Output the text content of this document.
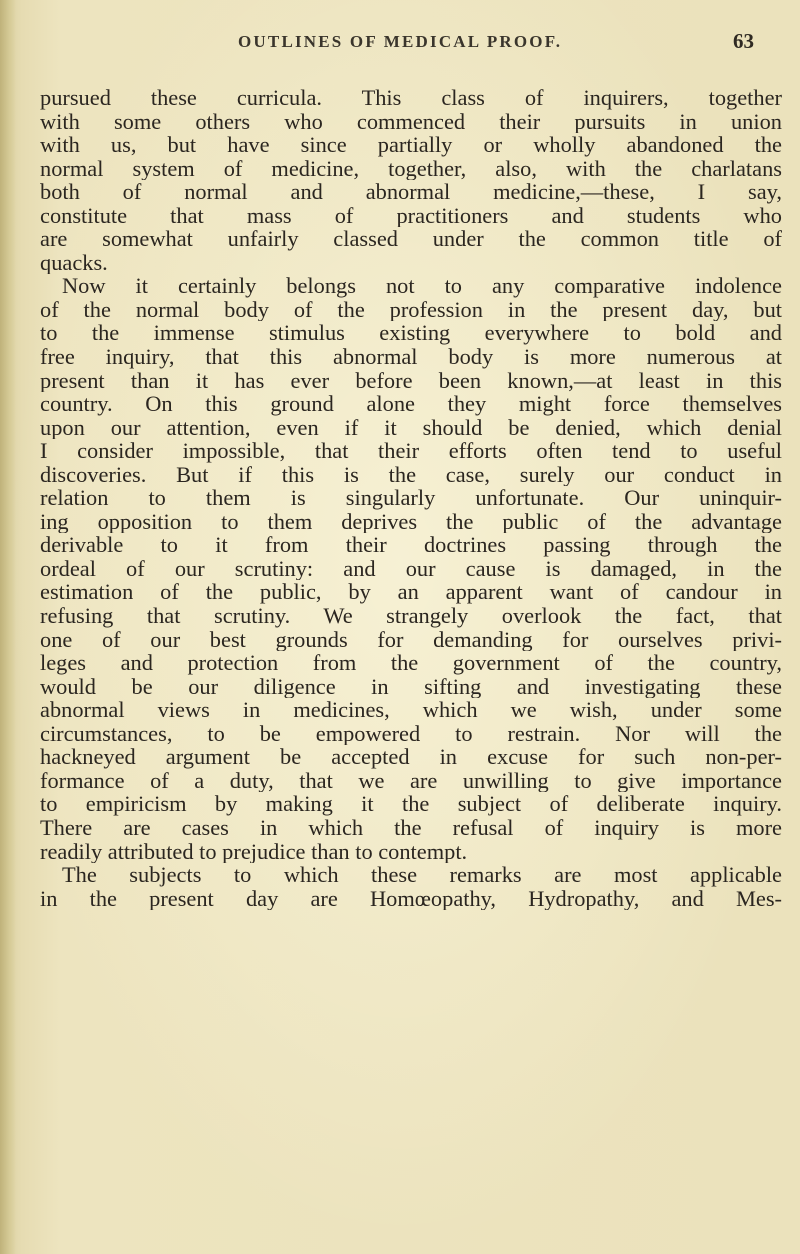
OUTLINES OF MEDICAL PROOF.	63
pursued these curricula. This class of inquirers, together
with some others who commenced their pursuits in union
with us, but have since partially or wholly abandoned the
normal system of medicine, together, also, with the charlatans
both of normal and abnormal medicine,—these, I say,
constitute that mass of practitioners and students who
are somewhat unfairly classed under the common title of
quacks.
Now it certainly belongs not to any comparative indolence
of the normal body of the profession in the present day, but
to the immense stimulus existing everywhere to bold and
free inquiry, that this abnormal body is more numerous at
present than it has ever before been known,—at least in this
country. On this ground alone they might force themselves
upon our attention, even if it should be denied, which denial
I consider impossible, that their efforts often tend to useful
discoveries. But if this is the case, surely our conduct in
relation to them is singularly unfortunate. Our uninquir-
ing opposition to them deprives the public of the advantage
derivable to it from their doctrines passing through the
ordeal of our scrutiny: and our cause is damaged, in the
estimation of the public, by an apparent want of candour in
refusing that scrutiny. We strangely overlook the fact, that
one of our best grounds for demanding for ourselves privi-
leges and protection from the government of the country,
would be our diligence in sifting and investigating these
abnormal views in medicines, which we wish, under some
circumstances, to be empowered to restrain. Nor will the
hackneyed argument be accepted in excuse for such non-per-
formance of a duty, that we are unwilling to give importance
to empiricism by making it the subject of deliberate inquiry.
There are cases in which the refusal of inquiry is more
readily attributed to prejudice than to contempt.
The subjects to which these remarks are most applicable
in the present day are Homœopathy, Hydropathy, and Mes-
